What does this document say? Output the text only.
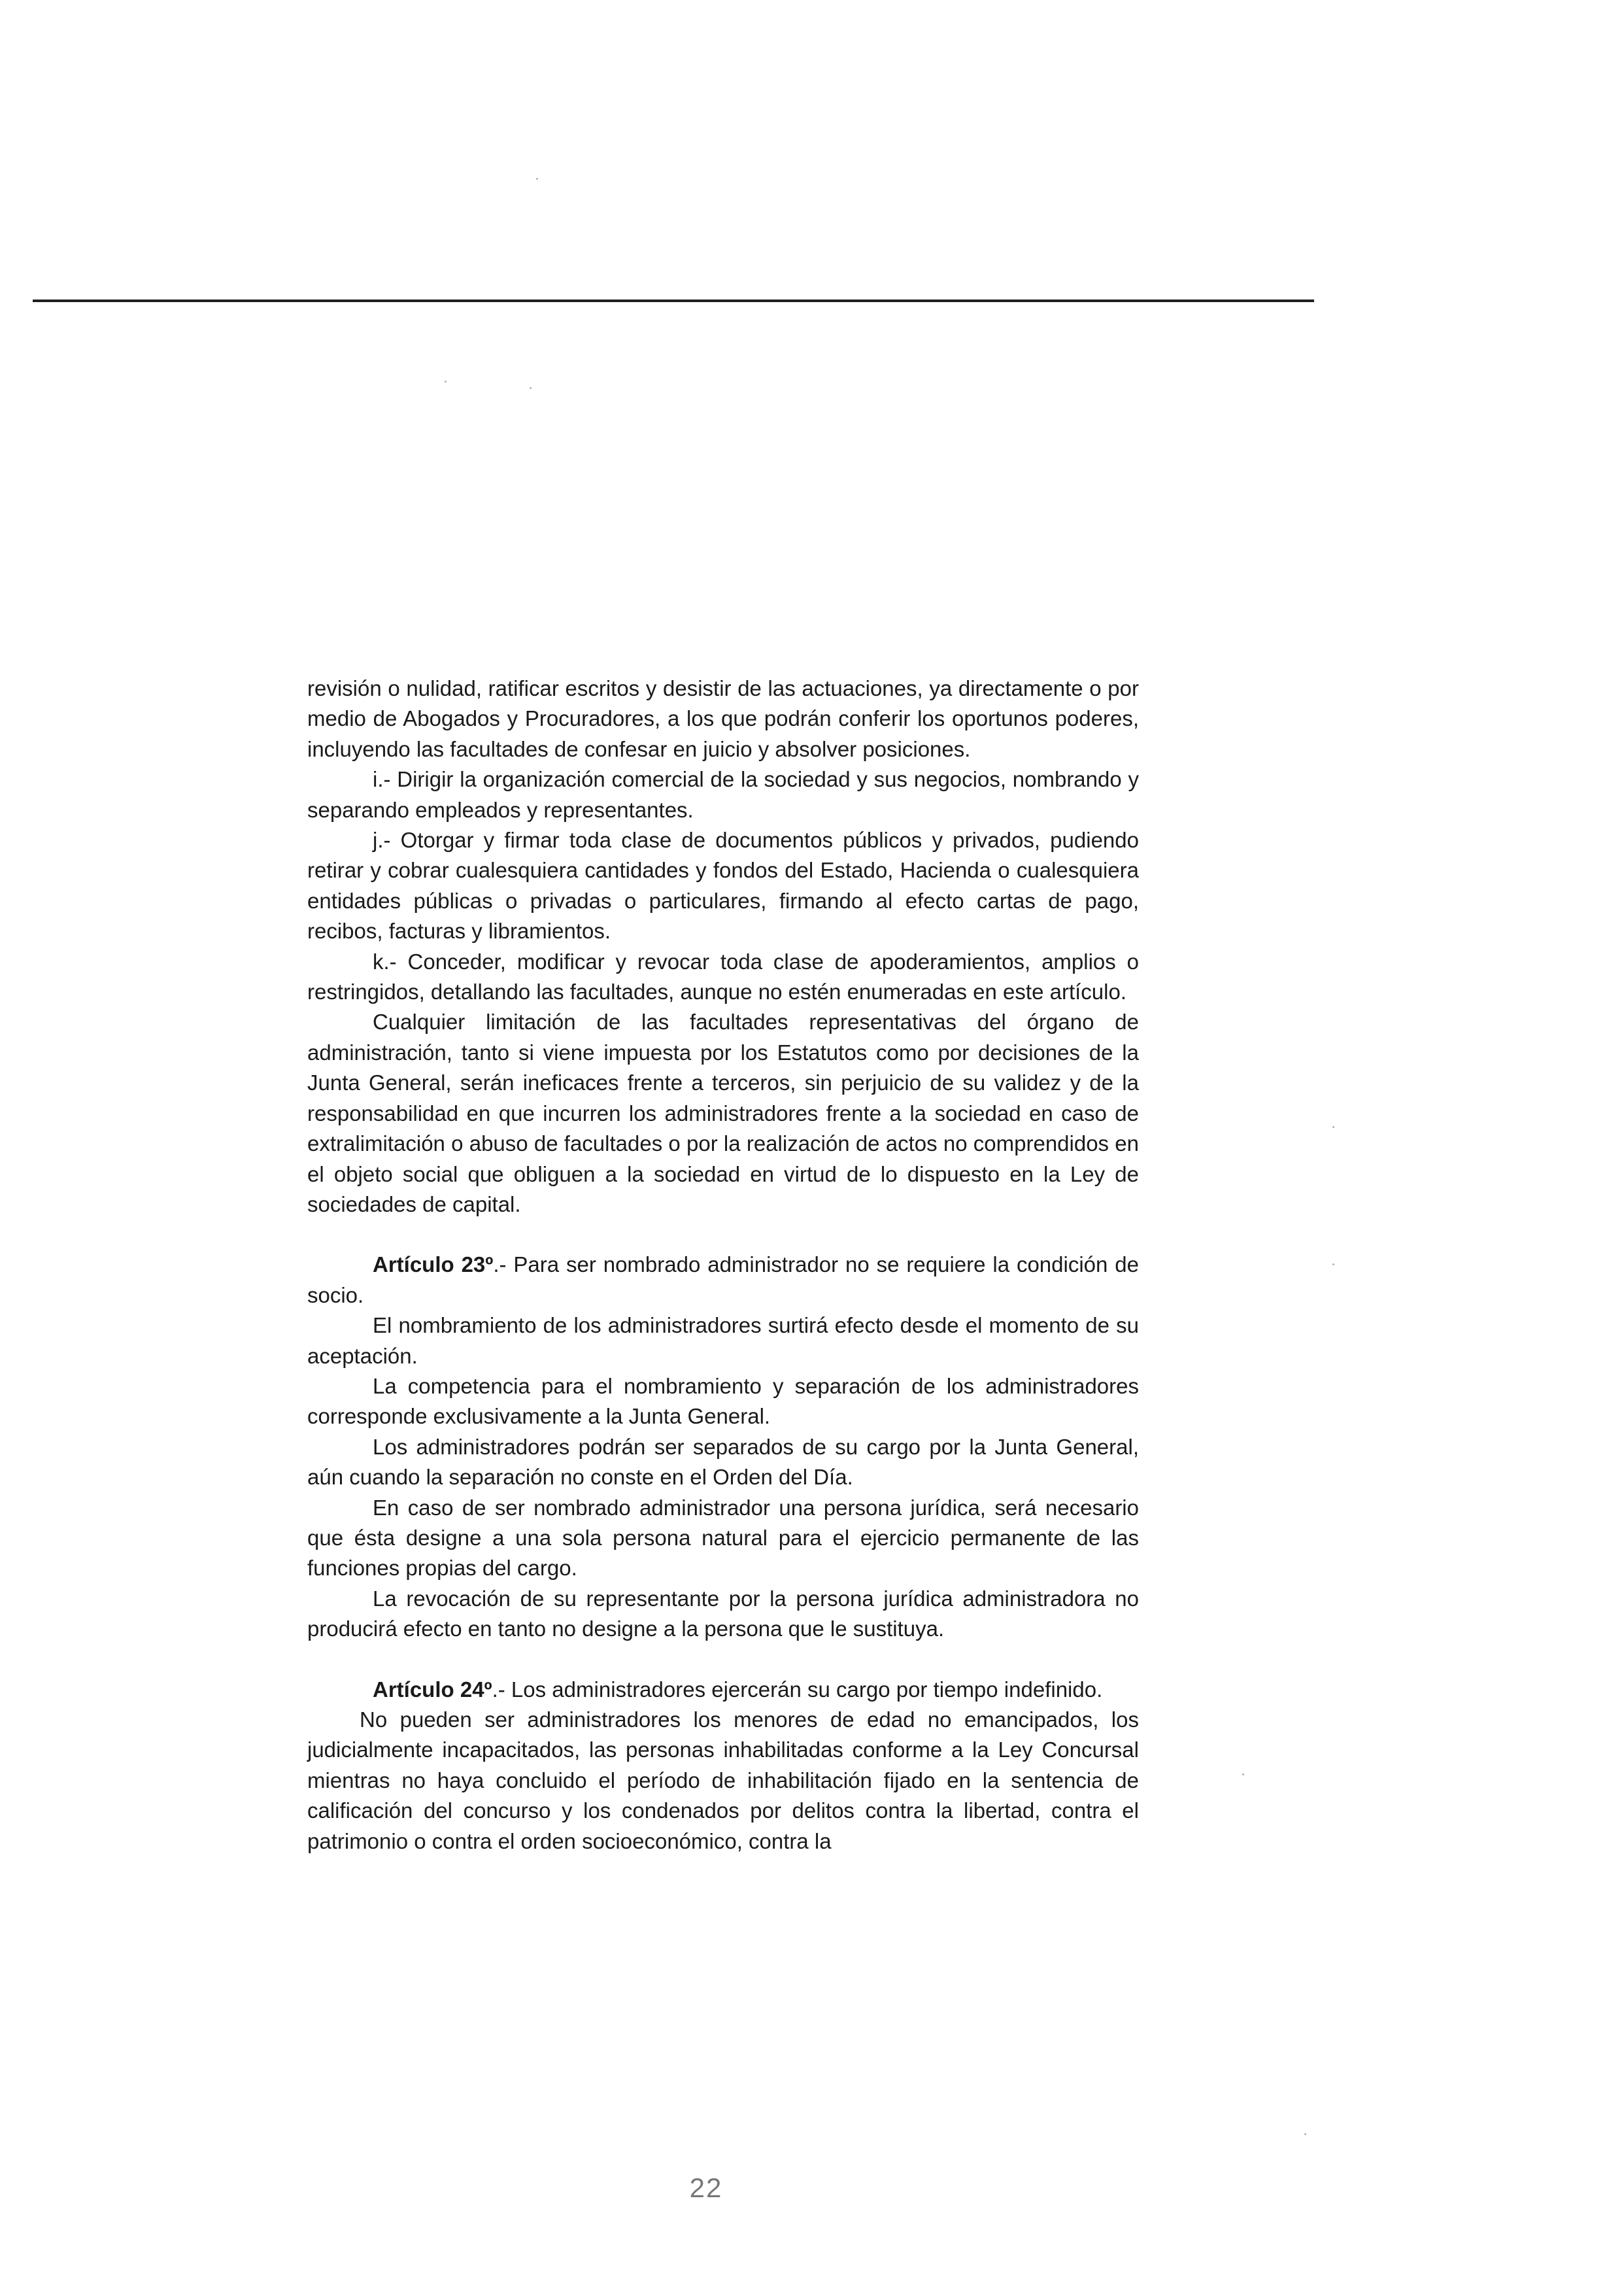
revisión o nulidad, ratificar escritos y desistir de las actuaciones, ya directamente o por medio de Abogados y Procuradores, a los que podrán conferir los oportunos poderes, incluyendo las facultades de confesar en juicio y absolver posiciones.

i.- Dirigir la organización comercial de la sociedad y sus negocios, nombrando y separando empleados y representantes.

j.- Otorgar y firmar toda clase de documentos públicos y privados, pudiendo retirar y cobrar cualesquiera cantidades y fondos del Estado, Hacienda o cualesquiera entidades públicas o privadas o particulares, firmando al efecto cartas de pago, recibos, facturas y libramientos.

k.- Conceder, modificar y revocar toda clase de apoderamientos, amplios o restringidos, detallando las facultades, aunque no estén enumeradas en este artículo.

Cualquier limitación de las facultades representativas del órgano de administración, tanto si viene impuesta por los Estatutos como por decisiones de la Junta General, serán ineficaces frente a terceros, sin perjuicio de su validez y de la responsabilidad en que incurren los administradores frente a la sociedad en caso de extralimitación o abuso de facultades o por la realización de actos no comprendidos en el objeto social que obliguen a la sociedad en virtud de lo dispuesto en la Ley de sociedades de capital.

Artículo 23º.- Para ser nombrado administrador no se requiere la condición de socio.

El nombramiento de los administradores surtirá efecto desde el momento de su aceptación.

La competencia para el nombramiento y separación de los administradores corresponde exclusivamente a la Junta General.

Los administradores podrán ser separados de su cargo por la Junta General, aún cuando la separación no conste en el Orden del Día.

En caso de ser nombrado administrador una persona jurídica, será necesario que ésta designe a una sola persona natural para el ejercicio permanente de las funciones propias del cargo.

La revocación de su representante por la persona jurídica administradora no producirá efecto en tanto no designe a la persona que le sustituya.

Artículo 24º.- Los administradores ejercerán su cargo por tiempo indefinido.

No pueden ser administradores los menores de edad no emancipados, los judicialmente incapacitados, las personas inhabilitadas conforme a la Ley Concursal mientras no haya concluido el período de inhabilitación fijado en la sentencia de calificación del concurso y los condenados por delitos contra la libertad, contra el patrimonio o contra el orden socioeconómico, contra la

22
